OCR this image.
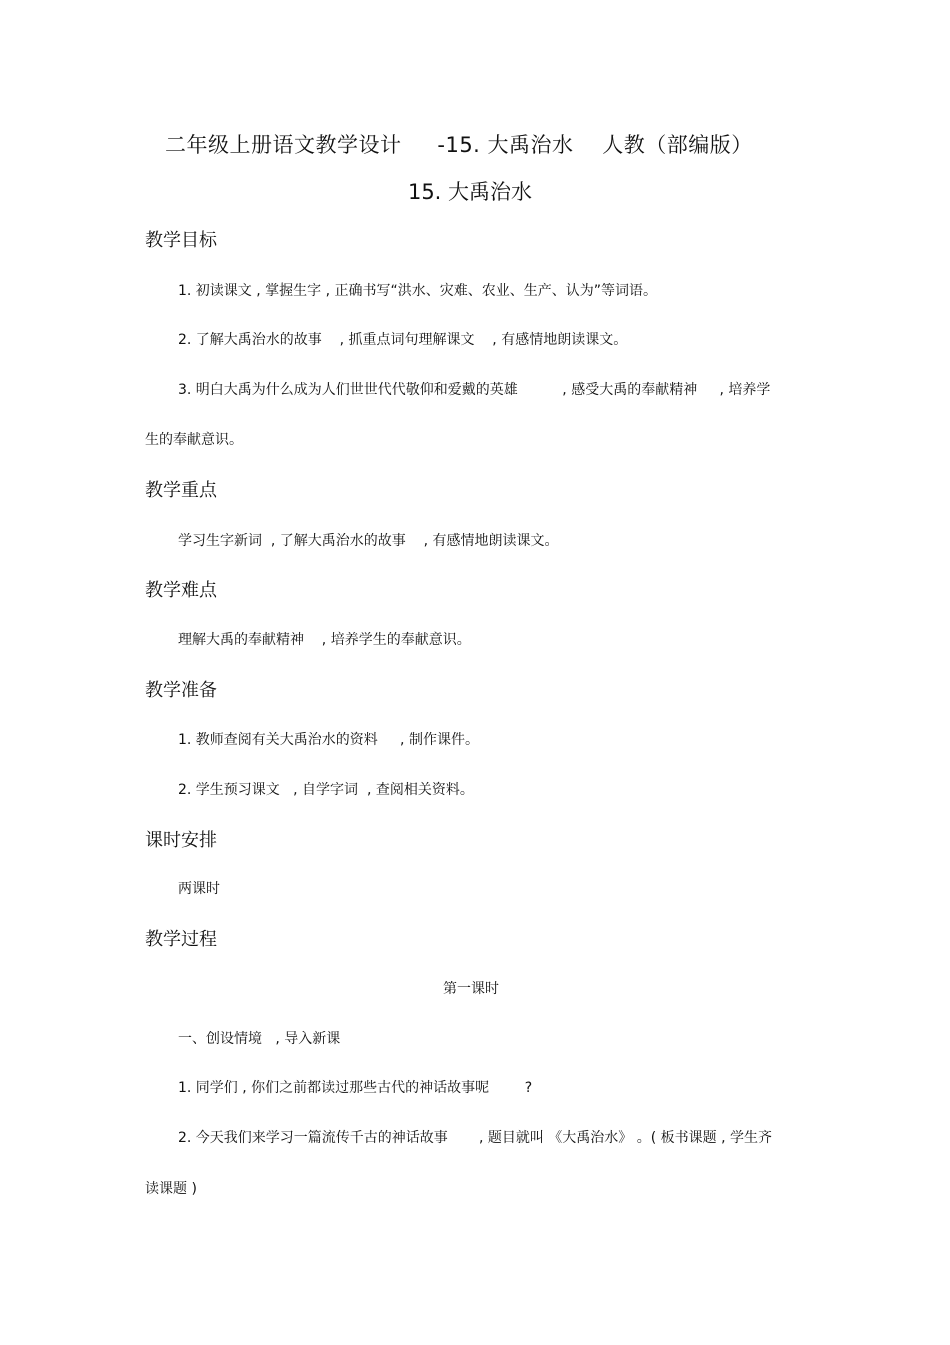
二年级上册语文教学设计     -15. 大禹治水    人教（部编版）
15. 大禹治水
教学目标
1. 初读课文 , 掌握生字 , 正确书写“洪水、灾难、农业、生产、认为”等词语。
2. 了解大禹治水的故事    , 抓重点词句理解课文    , 有感情地朗读课文。
3. 明白大禹为什么成为人们世世代代敬仰和爱戴的英雄          , 感受大禹的奉献精神     , 培养学
生的奉献意识。
教学重点
学习生字新词  , 了解大禹治水的故事    , 有感情地朗读课文。
教学难点
理解大禹的奉献精神    , 培养学生的奉献意识。
教学准备
1. 教师查阅有关大禹治水的资料     , 制作课件。
2. 学生预习课文   , 自学字词  , 查阅相关资料。
课时安排
两课时
教学过程
第一课时
一、创设情境   , 导入新课
1. 同学们 , 你们之前都读过那些古代的神话故事呢        ?
2. 今天我们来学习一篇流传千古的神话故事       , 题目就叫 《大禹治水》 。( 板书课题 , 学生齐
读课题 )
